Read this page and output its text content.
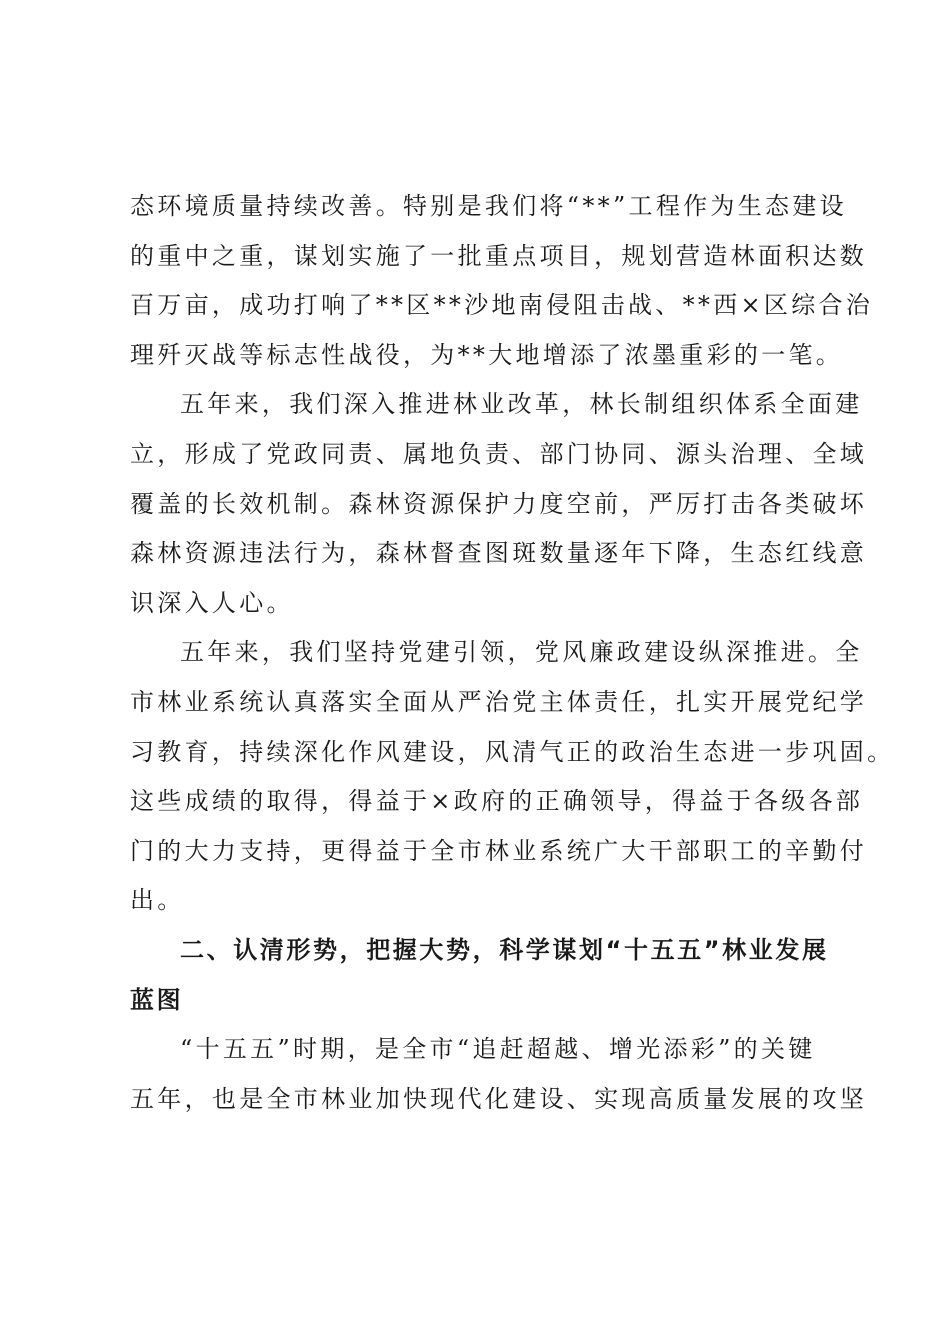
态环境质量持续改善。特别是我们将“**”工程作为生态建设
的重中之重，谋划实施了一批重点项目，规划营造林面积达数
百万亩，成功打响了**区**沙地南侵阻击战、**西×区综合治
理歼灭战等标志性战役，为**大地增添了浓墨重彩的一笔。
五年来，我们深入推进林业改革，林长制组织体系全面建
立，形成了党政同责、属地负责、部门协同、源头治理、全域
覆盖的长效机制。森林资源保护力度空前，严厉打击各类破坏
森林资源违法行为，森林督查图斑数量逐年下降，生态红线意
识深入人心。
五年来，我们坚持党建引领，党风廉政建设纵深推进。全
市林业系统认真落实全面从严治党主体责任，扎实开展党纪学
习教育，持续深化作风建设，风清气正的政治生态进一步巩固。
这些成绩的取得，得益于×政府的正确领导，得益于各级各部
门的大力支持，更得益于全市林业系统广大干部职工的辛勤付
出。
二、认清形势，把握大势，科学谋划“十五五”林业发展
蓝图
“十五五”时期，是全市“追赶超越、增光添彩”的关键
五年，也是全市林业加快现代化建设、实现高质量发展的攻坚
